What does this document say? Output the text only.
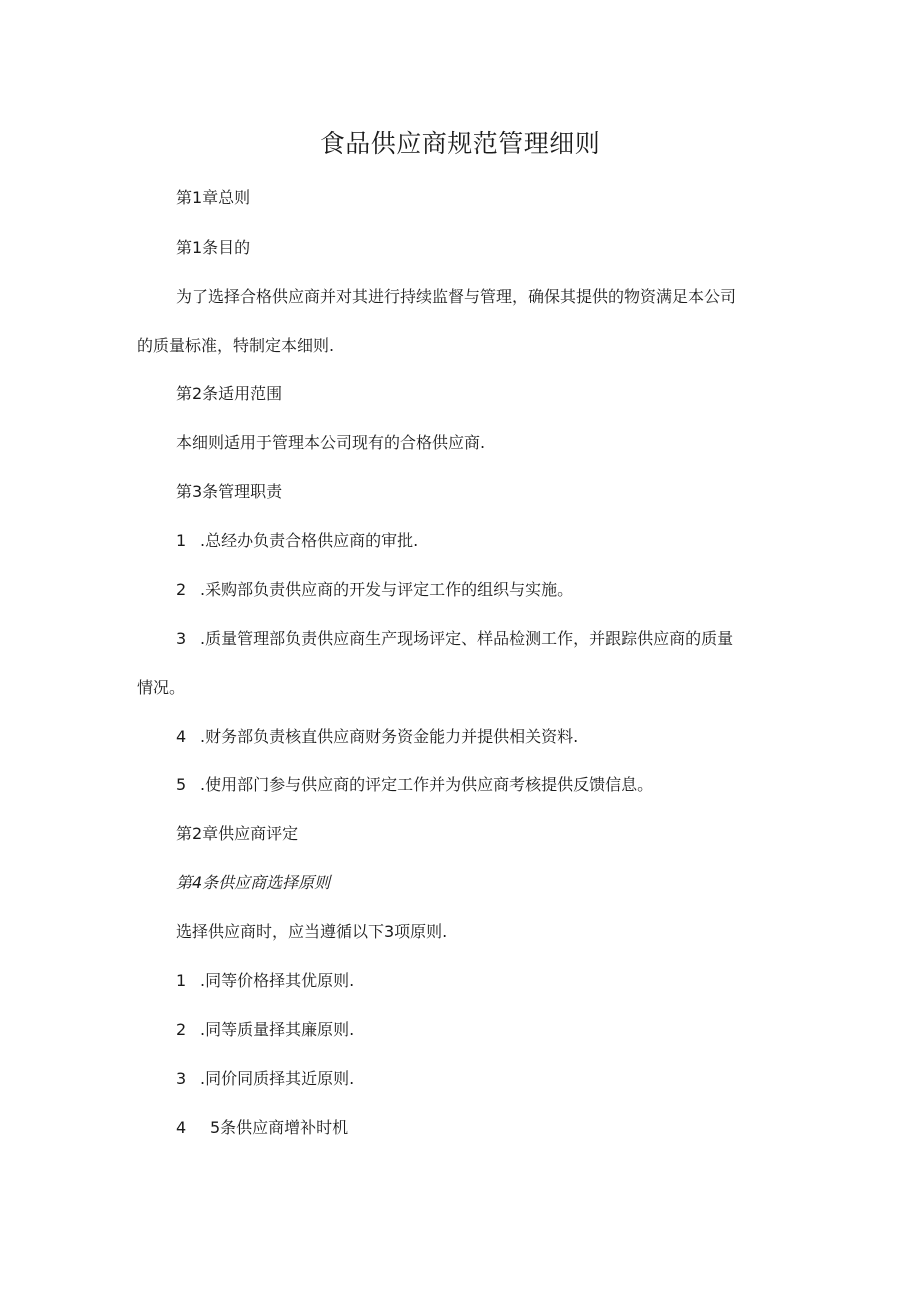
食品供应商规范管理细则
第1章总则
第1条目的
为了选择合格供应商并对其进行持续监督与管理，确保其提供的物资满足本公司
的质量标准，特制定本细则.
第2条适用范围
本细则适用于管理本公司现有的合格供应商.
第3条管理职责
1 .总经办负责合格供应商的审批.
2 .采购部负责供应商的开发与评定工作的组织与实施。
3 .质量管理部负责供应商生产现场评定、样品检测工作，并跟踪供应商的质量
情况。
4 .财务部负责核直供应商财务资金能力并提供相关资料.
5 .使用部门参与供应商的评定工作并为供应商考核提供反馈信息。
第2章供应商评定
第4条供应商选择原则
选择供应商时，应当遵循以下3项原则.
1 .同等价格择其优原则.
2 .同等质量择其廉原则.
3 .同价同质择其近原则.
4 5条供应商增补时机
